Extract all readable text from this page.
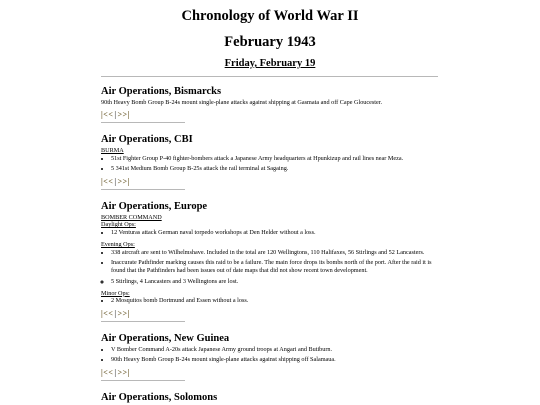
Chronology of World War II
February 1943
Friday, February 19
Air Operations, Bismarcks
90th Heavy Bomb Group B-24s mount single-plane attacks against shipping at Gasmata and off Cape Gloucester.
|<<|>>|
Air Operations, CBI
BURMA
• 51st Fighter Group P-40 fighter-bombers attack a Japanese Army headquarters at Hpunkizup and rail lines near Meza.
• 5 341st Medium Bomb Group B-25s attack the rail terminal at Sagaing.
|<<|>>|
Air Operations, Europe
BOMBER COMMAND
Daylight Ops:
• 12 Venturas attack German naval torpedo workshops at Den Helder without a loss.
Evening Ops:
• 338 aircraft are sent to Wilhelmshave. Included in the total are 120 Wellingtons, 110 Halifaxes, 56 Stirlings and 52 Lancasters.
• Inaccurate Pathfinder marking causes this raid to be a failure. The main force drops its bombs north of the port. After the raid it is found that the Pathfinders had been issues out of date maps that did not show recent town development.
◦ 5 Stirlings, 4 Lancasters and 3 Wellingtons are lost.
Minor Ops:
• 2 Mosquitos bomb Dortmund and Essen without a loss.
|<<|>>|
Air Operations, New Guinea
• V Bomber Command A-20s attack Japanese Army ground troops at Angari and Butiburn.
• 90th Heavy Bomb Group B-24s mount single-plane attacks against shipping off Salamaua.
|<<|>>|
Air Operations, Solomons
